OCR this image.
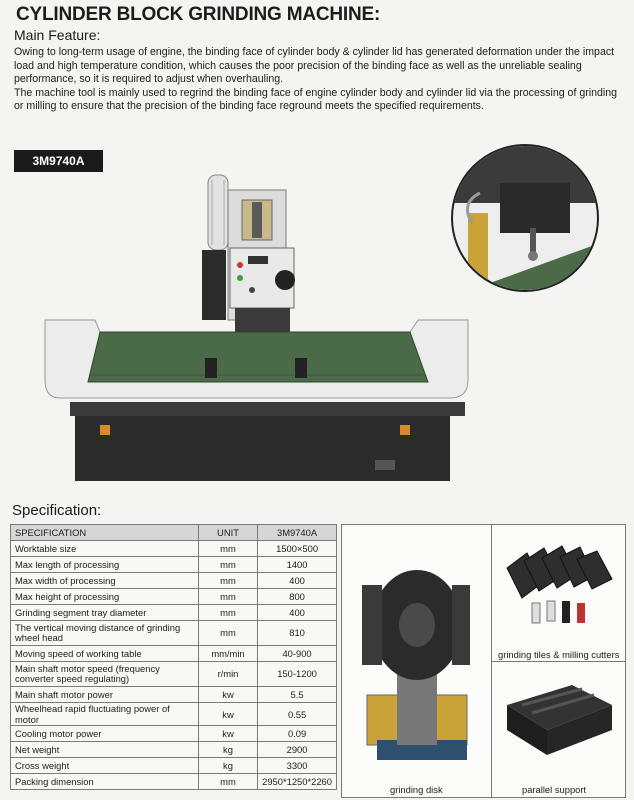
CYLINDER BLOCK GRINDING MACHINE:
Main Feature:

Owing to long-term usage of engine, the binding face of cylinder body & cylinder lid has generated deformation under the impact load and high temperature condition, which causes the poor precision of the binding face as well as the unreliable sealing performance, so it is required to adjust when overhauling.

The machine tool is mainly used to regrind the binding face of engine cylinder body and cylinder lid via the processing of grinding or milling to ensure that the precision of the binding face reground meets the specified requirements.

3M9740A
Specification:
SPECIFICATION	UNIT	3M9740A
Worktable size	mm	1500×500
Max length of processing	mm	1400
Max width of processing	mm	400
Max height of processing	mm	800
Grinding segment tray diameter	mm	400
The vertical moving distance of grinding wheel head	mm	810
Moving speed of working table	mm/min	40-900
Main shaft motor speed (frequency converter speed regulating)	r/min	150-1200
Main shaft motor power	kw	5.5
Wheelhead rapid fluctuating power of motor	kw	0.55
Cooling motor power	kw	0.09
Net weight	kg	2900
Cross weight	kg	3300
Packing dimension	mm	2950*1250*2260
grinding disk
grinding tiles & milling cutters
parallel support
